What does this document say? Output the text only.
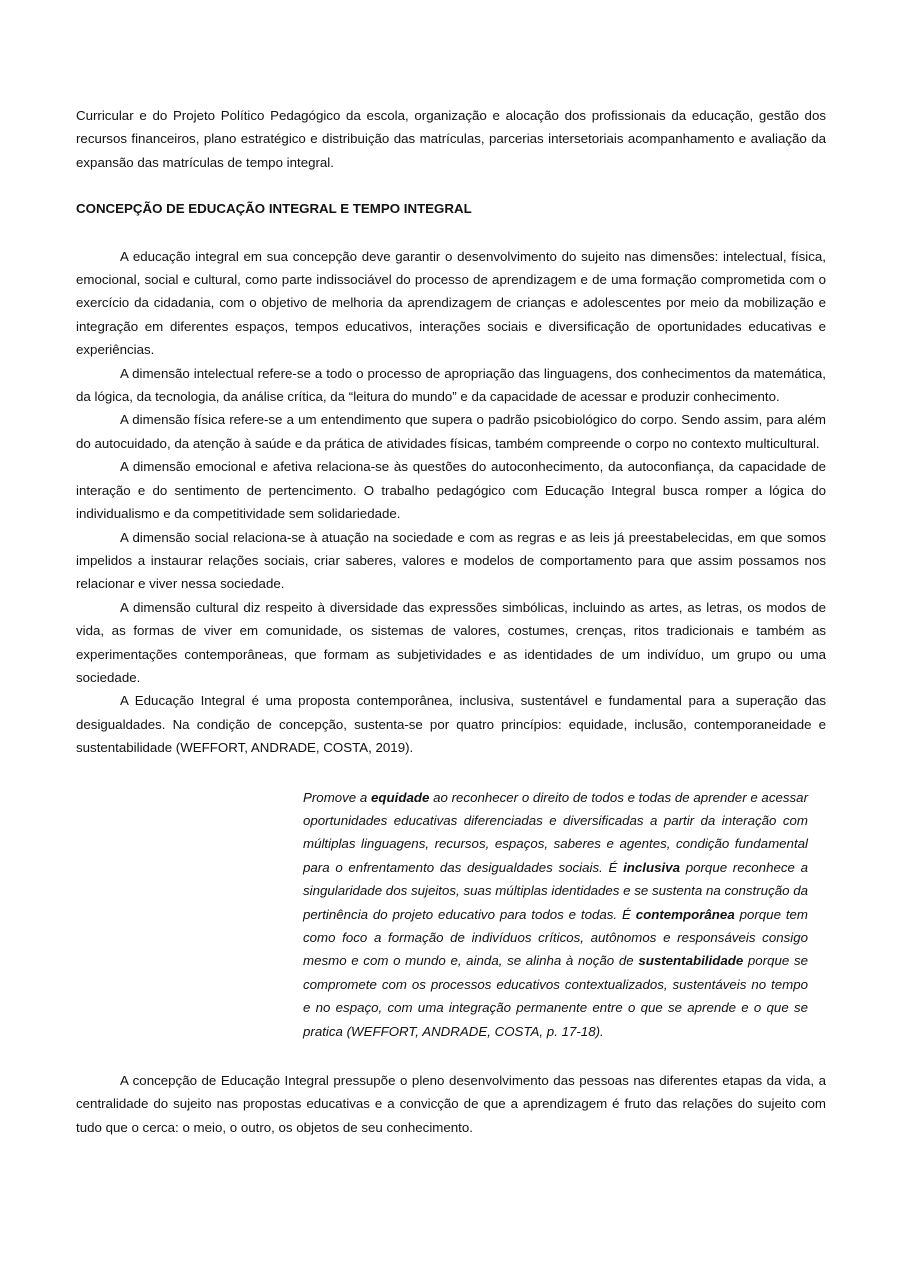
Curricular e do Projeto Político Pedagógico da escola, organização e alocação dos profissionais da educação, gestão dos recursos financeiros, plano estratégico e distribuição das matrículas, parcerias intersetoriais acompanhamento e avaliação da expansão das matrículas de tempo integral.

CONCEPÇÃO DE EDUCAÇÃO INTEGRAL E TEMPO INTEGRAL

A educação integral em sua concepção deve garantir o desenvolvimento do sujeito nas dimensões: intelectual, física, emocional, social e cultural, como parte indissociável do processo de aprendizagem e de uma formação comprometida com o exercício da cidadania, com o objetivo de melhoria da aprendizagem de crianças e adolescentes por meio da mobilização e integração em diferentes espaços, tempos educativos, interações sociais e diversificação de oportunidades educativas e experiências.

A dimensão intelectual refere-se a todo o processo de apropriação das linguagens, dos conhecimentos da matemática, da lógica, da tecnologia, da análise crítica, da “leitura do mundo” e da capacidade de acessar e produzir conhecimento.

A dimensão física refere-se a um entendimento que supera o padrão psicobiológico do corpo. Sendo assim, para além do autocuidado, da atenção à saúde e da prática de atividades físicas, também compreende o corpo no contexto multicultural.

A dimensão emocional e afetiva relaciona-se às questões do autoconhecimento, da autoconfiança, da capacidade de interação e do sentimento de pertencimento. O trabalho pedagógico com Educação Integral busca romper a lógica do individualismo e da competitividade sem solidariedade.

A dimensão social relaciona-se à atuação na sociedade e com as regras e as leis já preestabelecidas, em que somos impelidos a instaurar relações sociais, criar saberes, valores e modelos de comportamento para que assim possamos nos relacionar e viver nessa sociedade.

A dimensão cultural diz respeito à diversidade das expressões simbólicas, incluindo as artes, as letras, os modos de vida, as formas de viver em comunidade, os sistemas de valores, costumes, crenças, ritos tradicionais e também as experimentações contemporâneas, que formam as subjetividades e as identidades de um indivíduo, um grupo ou uma sociedade.

A Educação Integral é uma proposta contemporânea, inclusiva, sustentável e fundamental para a superação das desigualdades. Na condição de concepção, sustenta-se por quatro princípios: equidade, inclusão, contemporaneidade e sustentabilidade (WEFFORT, ANDRADE, COSTA, 2019).

Promove a equidade ao reconhecer o direito de todos e todas de aprender e acessar oportunidades educativas diferenciadas e diversificadas a partir da interação com múltiplas linguagens, recursos, espaços, saberes e agentes, condição fundamental para o enfrentamento das desigualdades sociais. É inclusiva porque reconhece a singularidade dos sujeitos, suas múltiplas identidades e se sustenta na construção da pertinência do projeto educativo para todos e todas. É contemporânea porque tem como foco a formação de indivíduos críticos, autônomos e responsáveis consigo mesmo e com o mundo e, ainda, se alinha à noção de sustentabilidade porque se compromete com os processos educativos contextualizados, sustentáveis no tempo e no espaço, com uma integração permanente entre o que se aprende e o que se pratica (WEFFORT, ANDRADE, COSTA, p. 17-18).

A concepção de Educação Integral pressupõe o pleno desenvolvimento das pessoas nas diferentes etapas da vida, a centralidade do sujeito nas propostas educativas e a convicção de que a aprendizagem é fruto das relações do sujeito com tudo que o cerca: o meio, o outro, os objetos de seu conhecimento.
